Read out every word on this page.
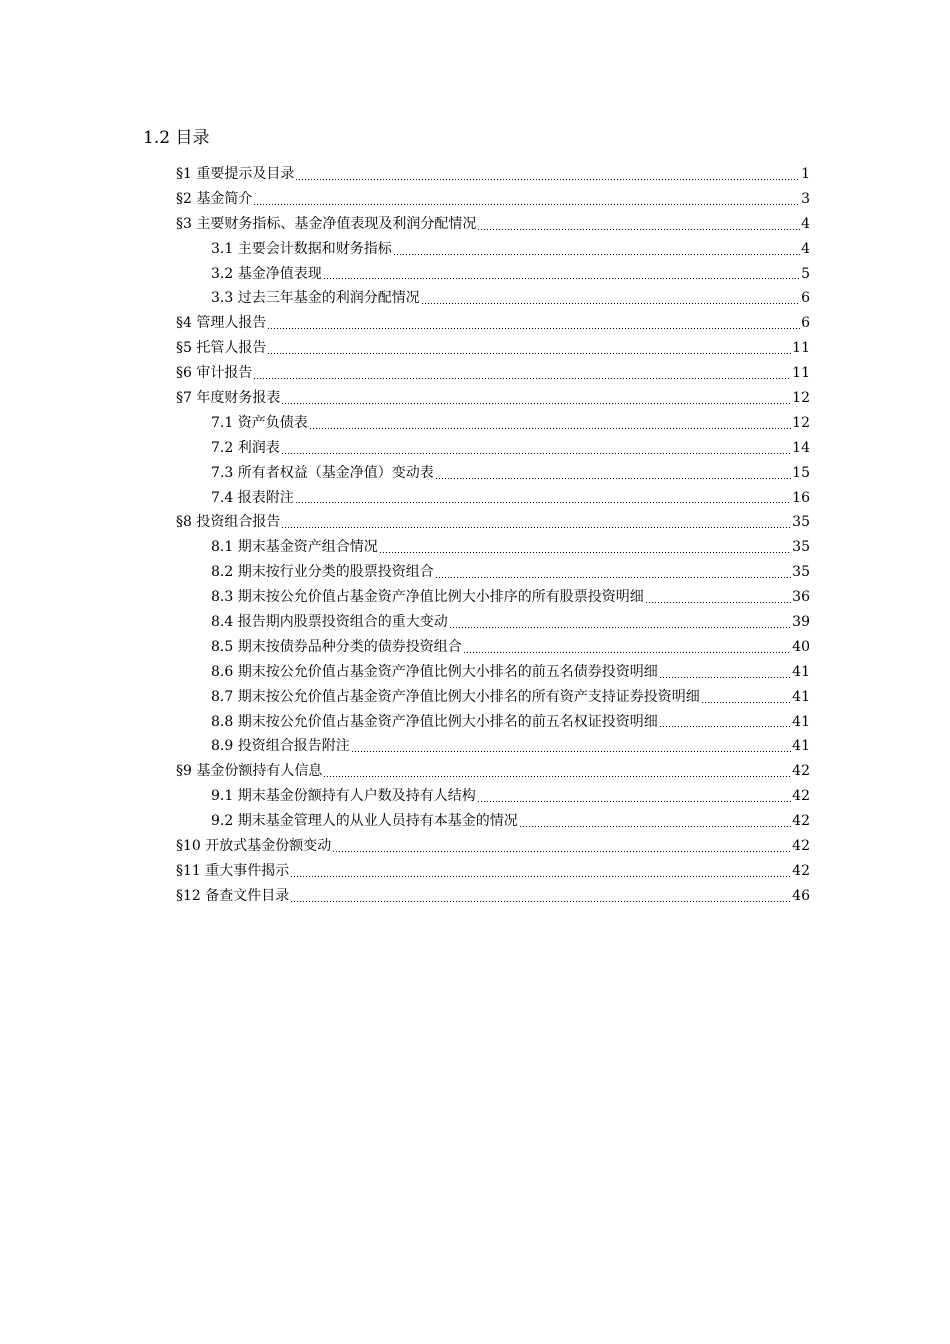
1.2 目录
§1 重要提示及目录	1
§2 基金简介	3
§3 主要财务指标、基金净值表现及利润分配情况	4
3.1 主要会计数据和财务指标	4
3.2 基金净值表现	5
3.3 过去三年基金的利润分配情况	6
§4 管理人报告	6
§5 托管人报告	11
§6 审计报告	11
§7 年度财务报表	12
7.1 资产负债表	12
7.2 利润表	14
7.3 所有者权益（基金净值）变动表	15
7.4 报表附注	16
§8 投资组合报告	35
8.1 期末基金资产组合情况	35
8.2 期末按行业分类的股票投资组合	35
8.3 期末按公允价值占基金资产净值比例大小排序的所有股票投资明细	36
8.4 报告期内股票投资组合的重大变动	39
8.5 期末按债券品种分类的债券投资组合	40
8.6 期末按公允价值占基金资产净值比例大小排名的前五名债券投资明细	41
8.7 期末按公允价值占基金资产净值比例大小排名的所有资产支持证券投资明细	41
8.8 期末按公允价值占基金资产净值比例大小排名的前五名权证投资明细	41
8.9 投资组合报告附注	41
§9 基金份额持有人信息	42
9.1 期末基金份额持有人户数及持有人结构	42
9.2 期末基金管理人的从业人员持有本基金的情况	42
§10 开放式基金份额变动	42
§11 重大事件揭示	42
§12 备查文件目录	46
